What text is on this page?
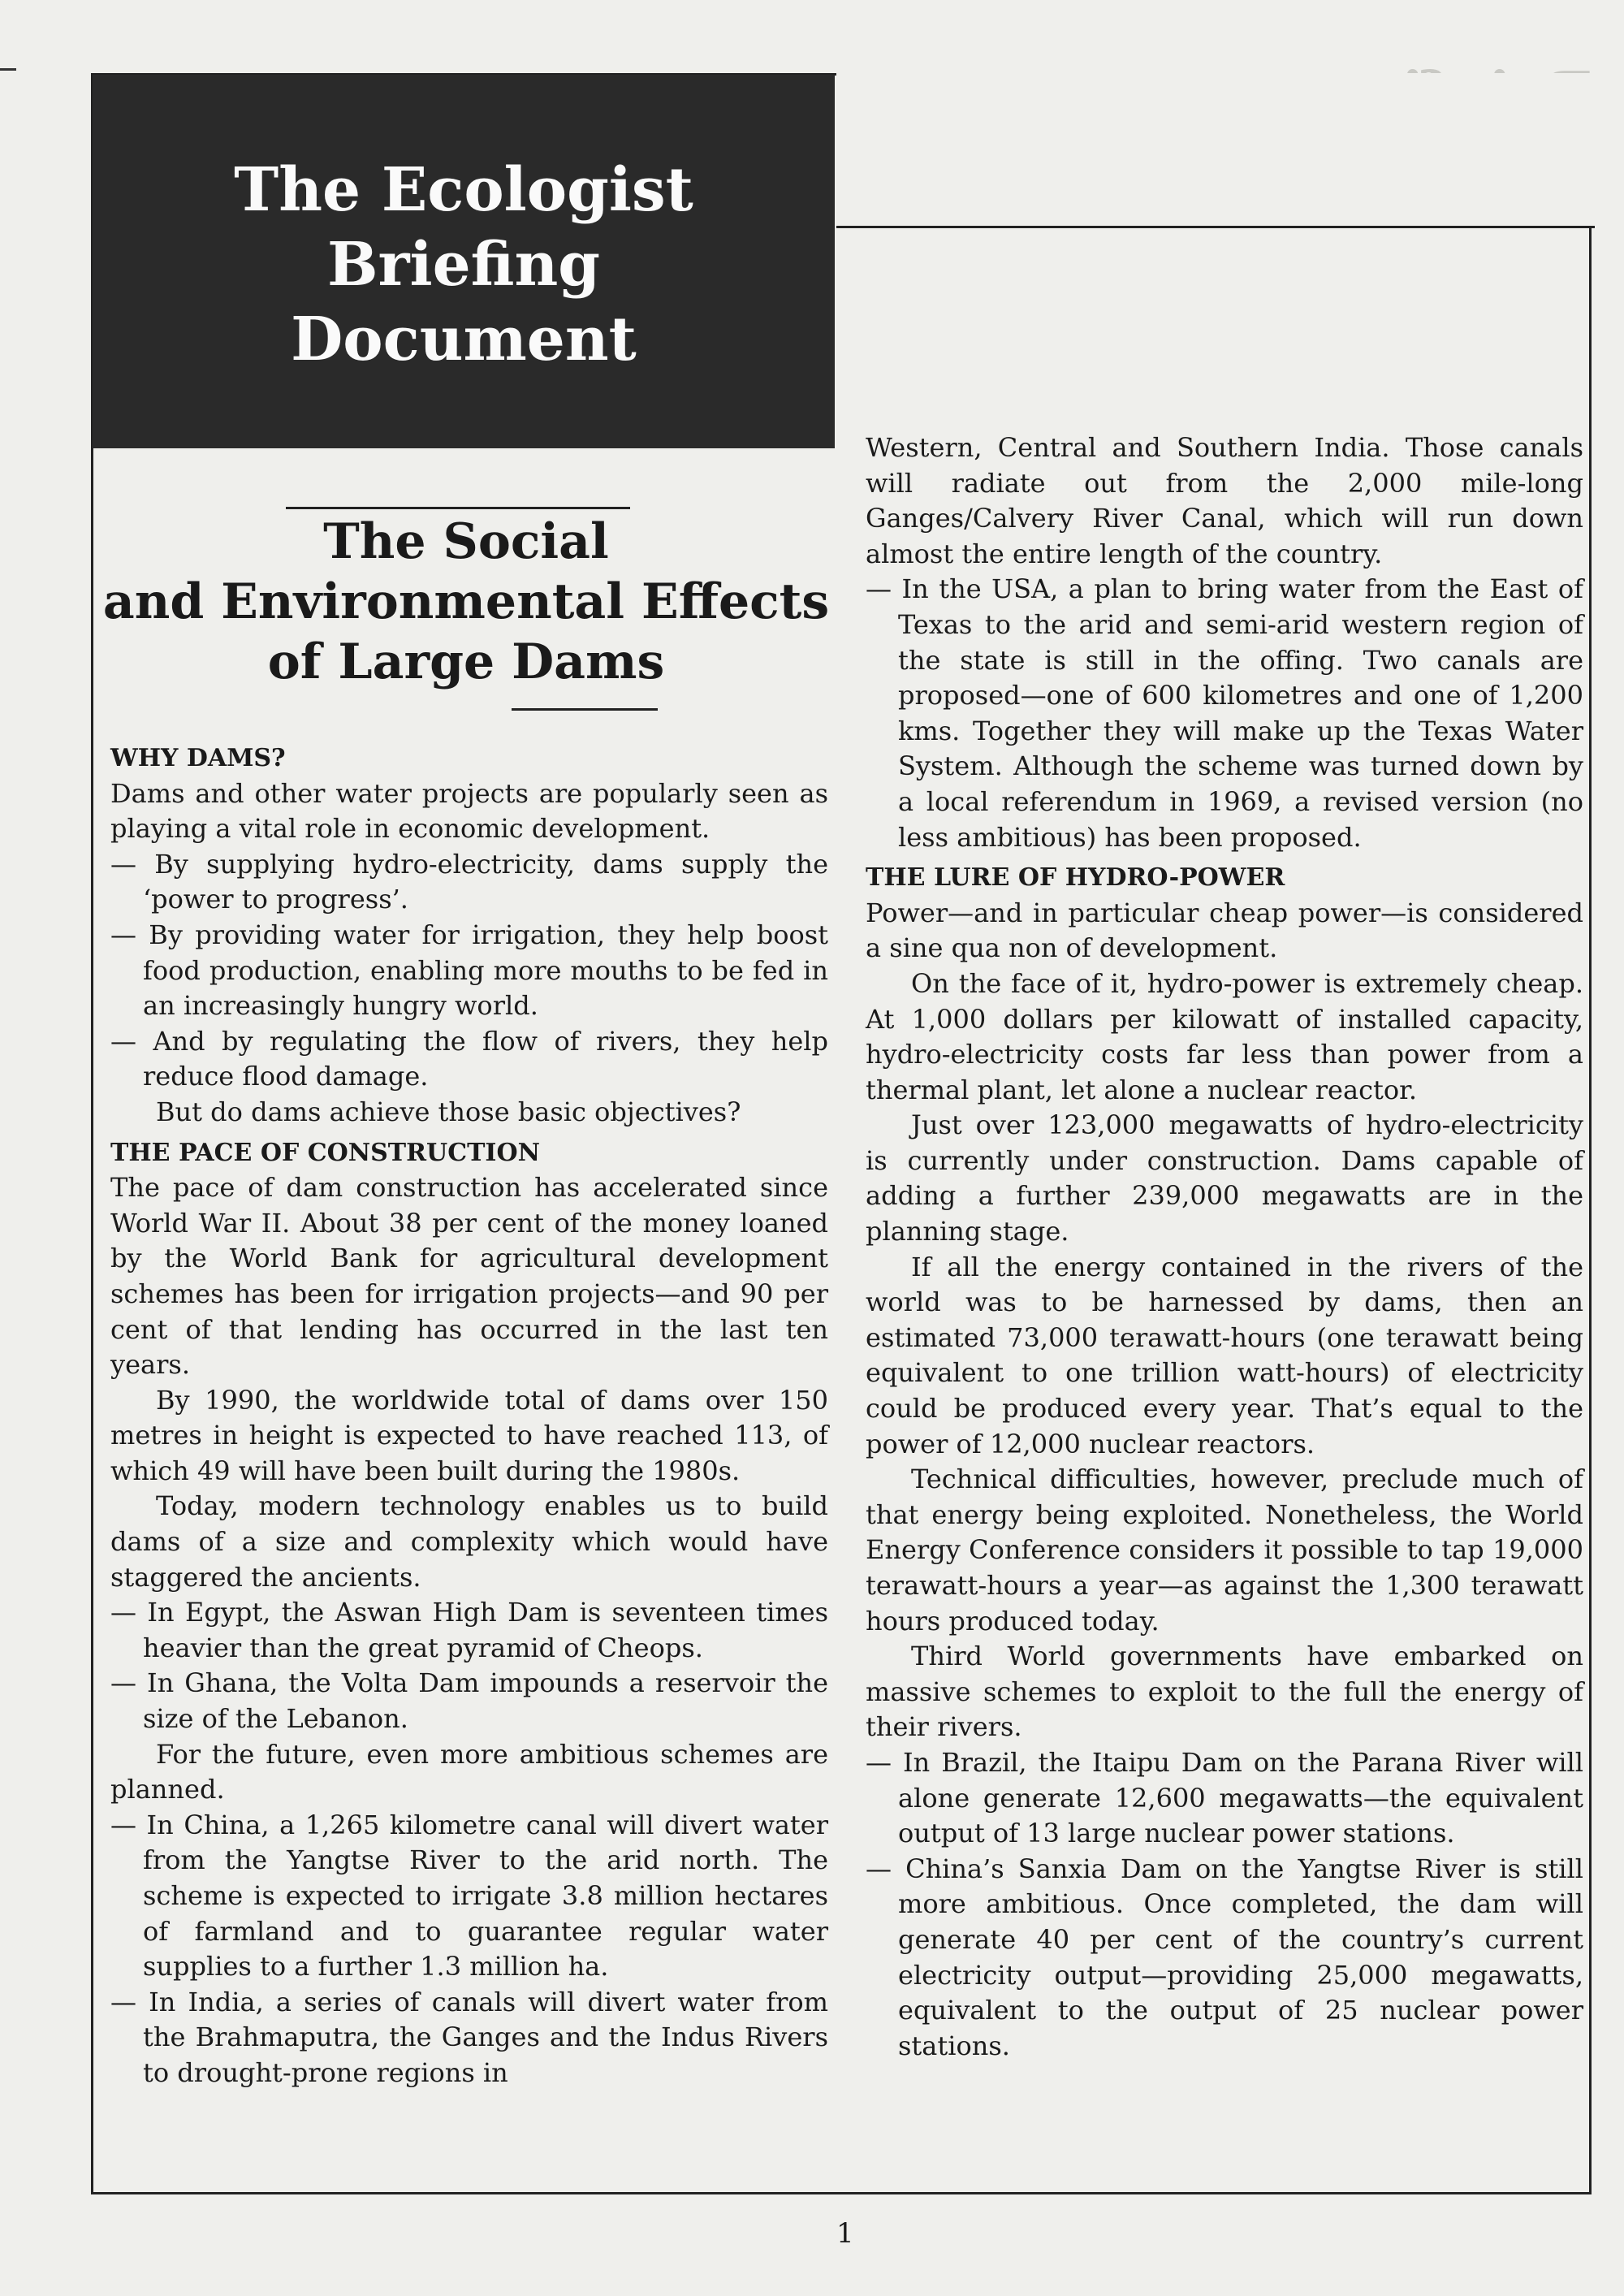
The Ecologist
Briefing
Document
The Social
and Environmental Effects
of Large Dams

WHY DAMS?

Dams and other water projects are popularly seen as playing a vital role in economic development.

— By supplying hydro-electricity, dams supply the ‘power to progress’.

— By providing water for irrigation, they help boost food production, enabling more mouths to be fed in an increasingly hungry world.

— And by regulating the flow of rivers, they help reduce flood damage.

But do dams achieve those basic objectives?

THE PACE OF CONSTRUCTION

The pace of dam construction has accelerated since World War II. About 38 per cent of the money loaned by the World Bank for agricultural development schemes has been for irrigation projects—and 90 per cent of that lending has occurred in the last ten years.

By 1990, the worldwide total of dams over 150 metres in height is expected to have reached 113, of which 49 will have been built during the 1980s.

Today, modern technology enables us to build dams of a size and complexity which would have staggered the ancients.

— In Egypt, the Aswan High Dam is seventeen times heavier than the great pyramid of Cheops.

— In Ghana, the Volta Dam impounds a reservoir the size of the Lebanon.

For the future, even more ambitious schemes are planned.

— In China, a 1,265 kilometre canal will divert water from the Yangtse River to the arid north. The scheme is expected to irrigate 3.8 million hectares of farmland and to guarantee regular water supplies to a further 1.3 million ha.

— In India, a series of canals will divert water from the Brahmaputra, the Ganges and the Indus Rivers to drought-prone regions in

Western, Central and Southern India. Those canals will radiate out from the 2,000 mile-long Ganges/Calvery River Canal, which will run down almost the entire length of the country.

— In the USA, a plan to bring water from the East of Texas to the arid and semi-arid western region of the state is still in the offing. Two canals are proposed—one of 600 kilometres and one of 1,200 kms. Together they will make up the Texas Water System. Although the scheme was turned down by a local referendum in 1969, a revised version (no less ambitious) has been proposed.

THE LURE OF HYDRO-POWER

Power—and in particular cheap power—is considered a sine qua non of development.

On the face of it, hydro-power is extremely cheap. At 1,000 dollars per kilowatt of installed capacity, hydro-electricity costs far less than power from a thermal plant, let alone a nuclear reactor.

Just over 123,000 megawatts of hydro-electricity is currently under construction. Dams capable of adding a further 239,000 megawatts are in the planning stage.

If all the energy contained in the rivers of the world was to be harnessed by dams, then an estimated 73,000 terawatt-hours (one terawatt being equivalent to one trillion watt-hours) of electricity could be produced every year. That’s equal to the power of 12,000 nuclear reactors.

Technical difficulties, however, preclude much of that energy being exploited. Nonetheless, the World Energy Conference considers it possible to tap 19,000 terawatt-hours a year—as against the 1,300 terawatt hours produced today.

Third World governments have embarked on massive schemes to exploit to the full the energy of their rivers.

— In Brazil, the Itaipu Dam on the Parana River will alone generate 12,600 megawatts—the equivalent output of 13 large nuclear power stations.

— China’s Sanxia Dam on the Yangtse River is still more ambitious. Once completed, the dam will generate 40 per cent of the country’s current electricity output—providing 25,000 megawatts, equivalent to the output of 25 nuclear power stations.

1
